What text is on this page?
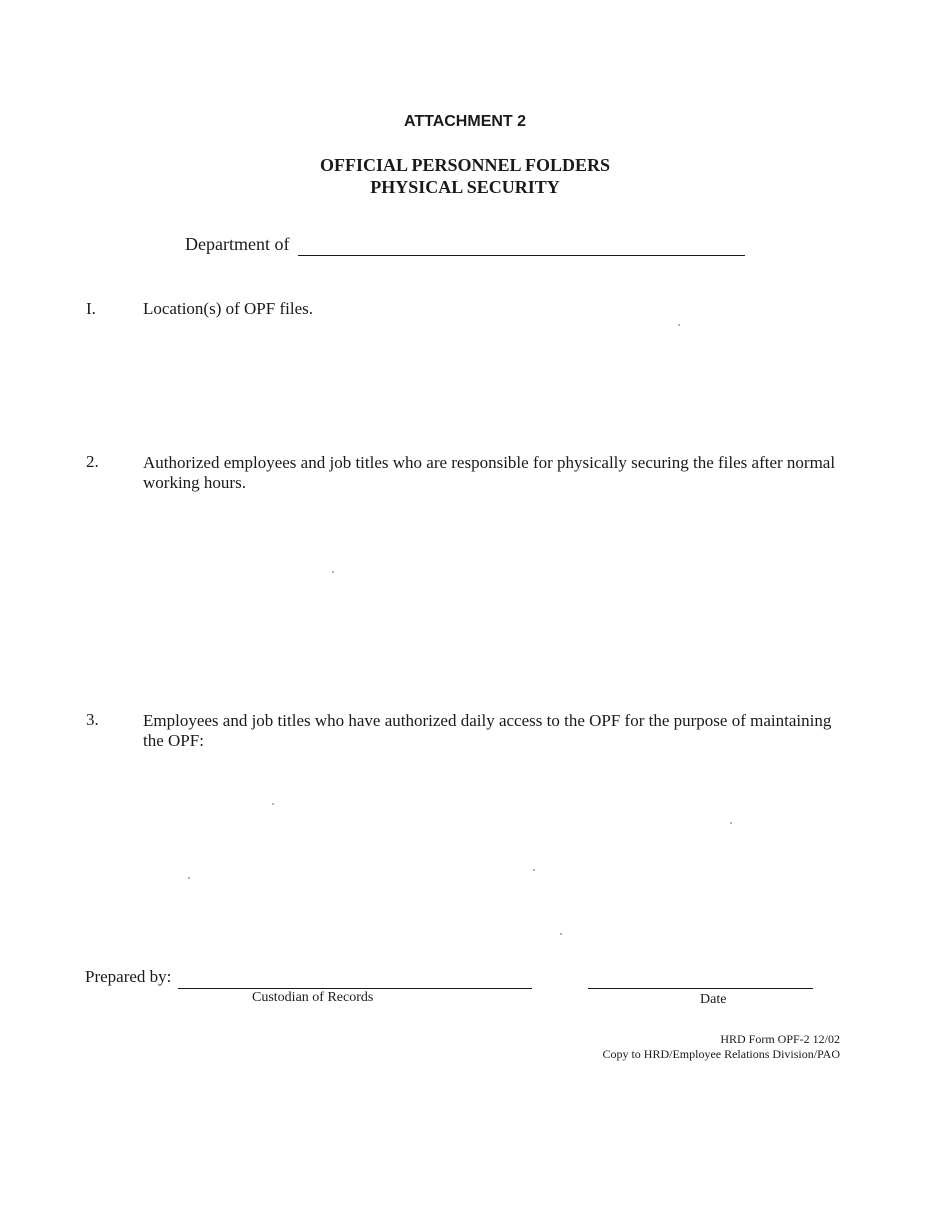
ATTACHMENT 2
OFFICIAL PERSONNEL FOLDERS
PHYSICAL SECURITY
Department of
I.	Location(s) of OPF files.
2.	Authorized employees and job titles who are responsible for physically securing the files after normal working hours.
3.	Employees and job titles who have authorized daily access to the OPF for the purpose of maintaining the OPF:
Prepared by:
Custodian of Records	Date
HRD Form OPF-2 12/02
Copy to HRD/Employee Relations Division/PAO
